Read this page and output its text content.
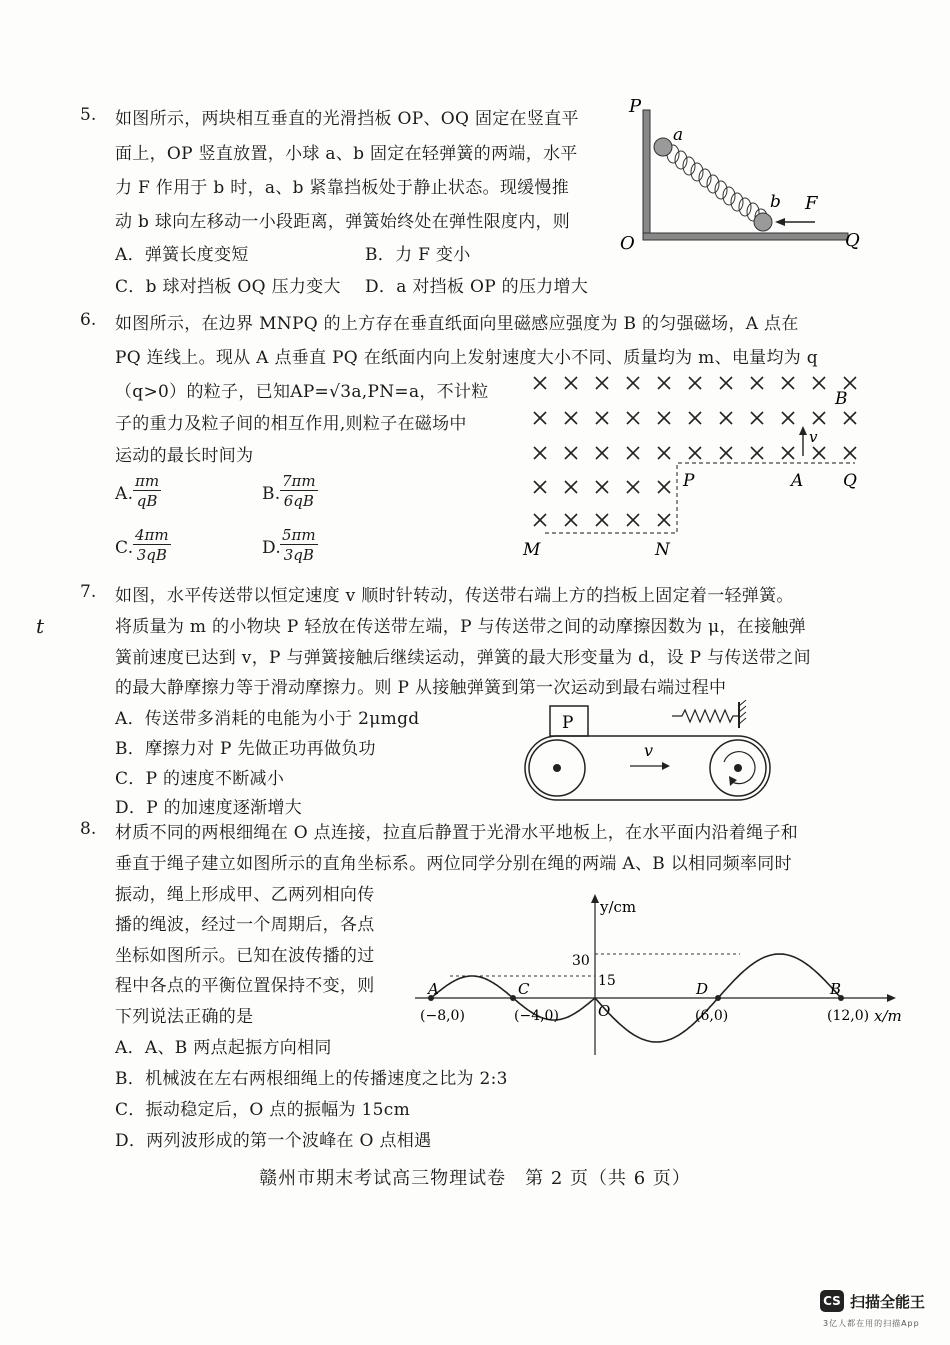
5. 如图所示，两块相互垂直的光滑挡板 OP、OQ 固定在竖直平
面上，OP 竖直放置，小球 a、b 固定在轻弹簧的两端，水平
力 F 作用于 b 时，a、b 紧靠挡板处于静止状态。现缓慢推
动 b 球向左移动一小段距离，弹簧始终处在弹性限度内，则
A．弹簧长度变短	B．力 F 变小
C．b 球对挡板 OQ 压力变大 D．a 对挡板 OP 的压力增大
P
a
b F
O	Q
6. 如图所示，在边界 MNPQ 的上方存在垂直纸面向里磁感应强度为 B 的匀强磁场，A 点在
PQ 连线上。现从 A 点垂直 PQ 在纸面内向上发射速度大小不同、质量均为 m、电量均为 q
（q>0）的粒子，已知AP=√3a,PN=a，不计粒
子的重力及粒子间的相互作用,则粒子在磁场中
运动的最长时间为
A. $\frac{\pi m}{qB}$	B. $\frac{7\pi m}{6qB}$
C. $\frac{4\pi m}{3qB}$	D.
$\frac{5\pi m}{3qB}$
v
B
P	A Q
M	N
7.
t
如图，水平传送带以恒定速度 v 顺时针转动，传送带右端上方的挡板上固定着一轻弹簧。
将质量为 m 的小物块 P 轻放在传送带左端，P 与传送带之间的动摩擦因数为 μ，在接触弹
簧前速度已达到 v，P 与弹簧接触后继续运动，弹簧的最大形变量为 d，设 P 与传送带之间
的最大静摩擦力等于滑动摩擦力。则 P 从接触弹簧到第一次运动到最右端过程中
A．传送带多消耗的电能为小于 2μmgd
B．摩擦力对 P 先做正功再做负功
C．P 的速度不断减小
D．P 的加速度逐渐增大
P
v
8. 材质不同的两根细绳在 O 点连接，拉直后静置于光滑水平地板上，在水平面内沿着绳子和
垂直于绳子建立如图所示的直角坐标系。两位同学分别在绳的两端 A、B 以相同频率同时
振动，绳上形成甲、乙两列相向传
播的绳波，经过一个周期后，各点
坐标如图所示。已知在波传播的过
程中各点的平衡位置保持不变，则
下列说法正确的是
A．A、B 两点起振方向相同
B．机械波在左右两根细绳上的传播速度之比为 2:3
C．振动稳定后，O 点的振幅为 15cm
D．两列波形成的第一个波峰在 O 点相遇
y/cm
x/m
30
15
O
A	C	D	B
(−8,0)	(−4,0)	(6,0)	(12,0)
赣州市期末考试高三物理试卷　第 2 页（共 6 页）
CS 扫描全能王
3亿人都在用的扫描App
